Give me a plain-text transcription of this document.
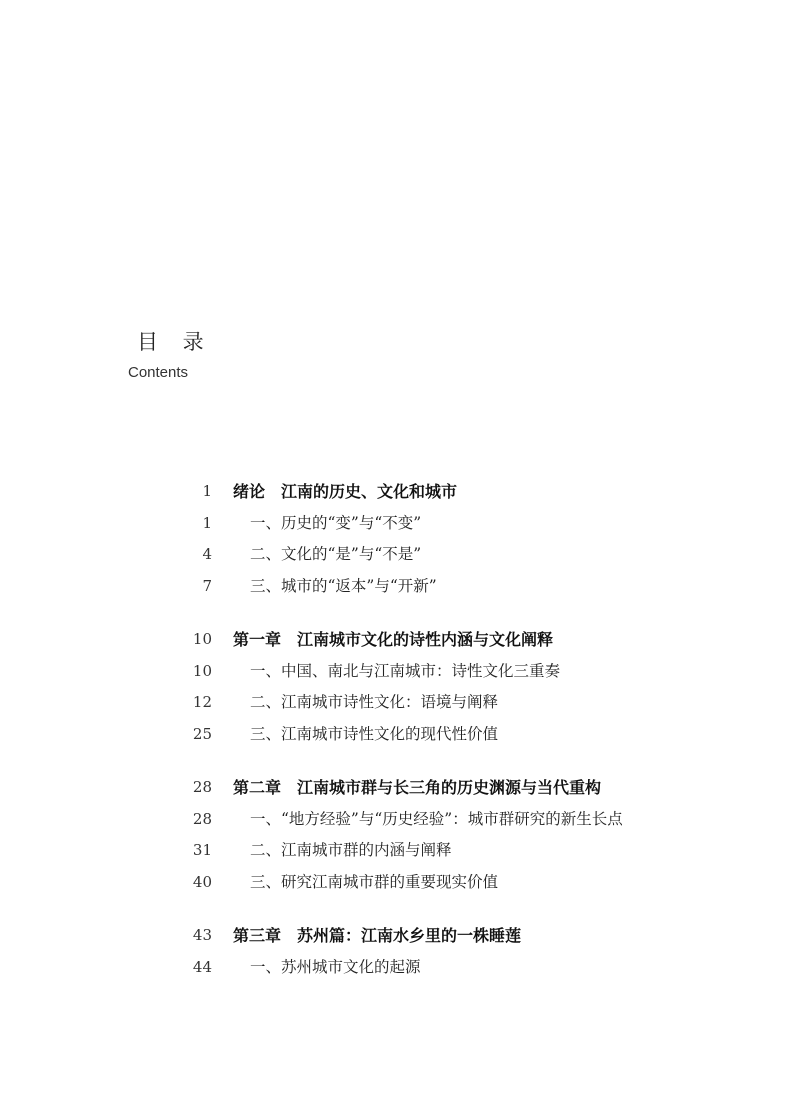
目 录
Contents
1 绪论　江南的历史、文化和城市
1 一、历史的“变”与“不变”
4 二、文化的“是”与“不是”
7 三、城市的“返本”与“开新”
10 第一章　江南城市文化的诗性内涵与文化阐释
10 一、中国、南北与江南城市：诗性文化三重奏
12 二、江南城市诗性文化：语境与阐释
25 三、江南城市诗性文化的现代性价值
28 第二章　江南城市群与长三角的历史渊源与当代重构
28 一、“地方经验”与“历史经验”：城市群研究的新生长点
31 二、江南城市群的内涵与阐释
40 三、研究江南城市群的重要现实价值
43 第三章　苏州篇：江南水乡里的一株睡莲
44 一、苏州城市文化的起源
